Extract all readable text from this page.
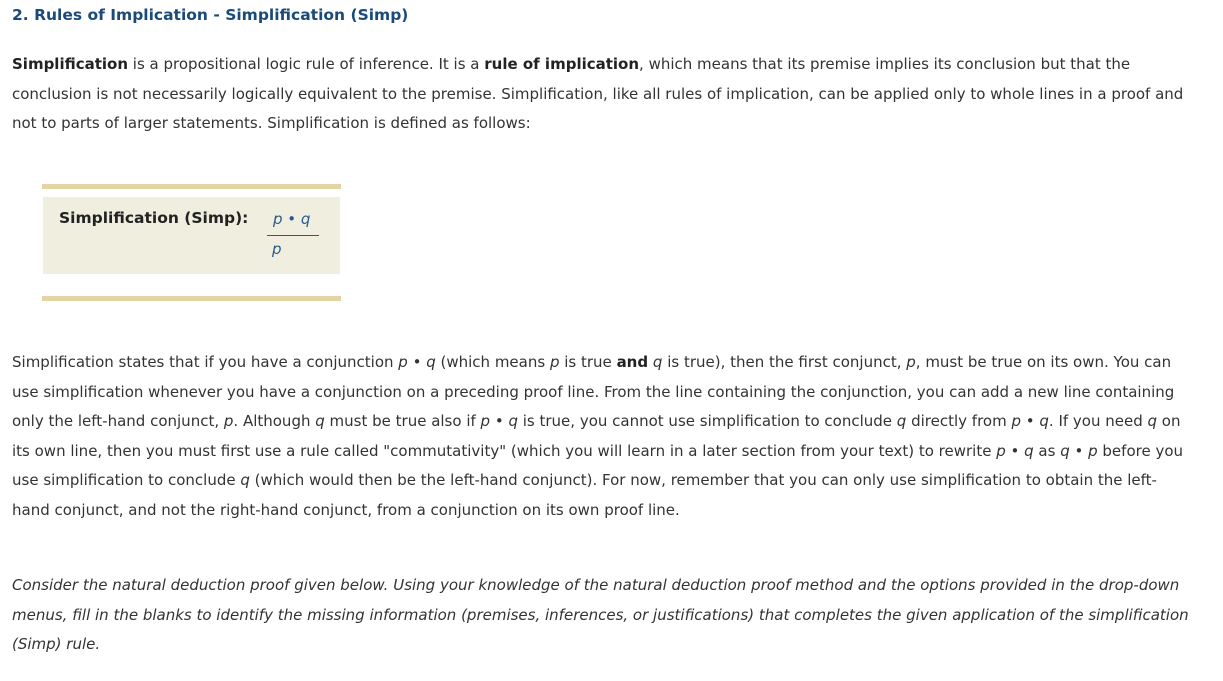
2. Rules of Implication - Simplification (Simp)
Simplification is a propositional logic rule of inference. It is a rule of implication, which means that its premise implies its conclusion but that the conclusion is not necessarily logically equivalent to the premise. Simplification, like all rules of implication, can be applied only to whole lines in a proof and not to parts of larger statements. Simplification is defined as follows:
Simplification (Simp): p • q
p
Simplification states that if you have a conjunction p • q (which means p is true and q is true), then the first conjunct, p, must be true on its own. You can use simplification whenever you have a conjunction on a preceding proof line. From the line containing the conjunction, you can add a new line containing only the left-hand conjunct, p. Although q must be true also if p • q is true, you cannot use simplification to conclude q directly from p • q. If you need q on its own line, then you must first use a rule called "commutativity" (which you will learn in a later section from your text) to rewrite p • q as q • p before you use simplification to conclude q (which would then be the left-hand conjunct). For now, remember that you can only use simplification to obtain the left-hand conjunct, and not the right-hand conjunct, from a conjunction on its own proof line.
Consider the natural deduction proof given below. Using your knowledge of the natural deduction proof method and the options provided in the drop-down menus, fill in the blanks to identify the missing information (premises, inferences, or justifications) that completes the given application of the simplification (Simp) rule.
